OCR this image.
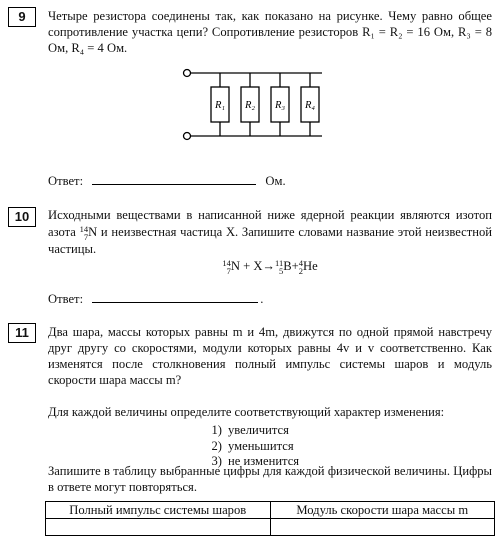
9	Четыре резистора соединены так, как показано на рисунке. Чему равно общее сопротивление участка цепи? Сопротивление резисторов R₁ = R₂ = 16 Ом, R₃ = 8 Ом, R₄ = 4 Ом.

R₁ R₂ R₃ R₄
Ответ:	Ом.
10	Исходными веществами в написанной ниже ядерной реакции являются изотоп азота 14
7 N и неизвестная частица X. Запишите словами название этой неизвестной частицы.

14
7 N + X→ 11
5 B+ 4
2 He
Ответ:	.
11	Два шара, массы которых равны m и 4m, движутся по одной прямой навстречу друг другу со скоростями, модули которых равны 4v и v соответственно. Как изменятся после столкновения полный импульс системы шаров и модуль скорости шара массы m?

Для каждой величины определите соответствующий характер изменения:

1) увеличится
2) уменьшится
3) не изменится

Запишите в таблицу выбранные цифры для каждой физической величины. Цифры в ответе могут повторяться.

Полный импульс системы шаров	Модуль скорости шара массы m
